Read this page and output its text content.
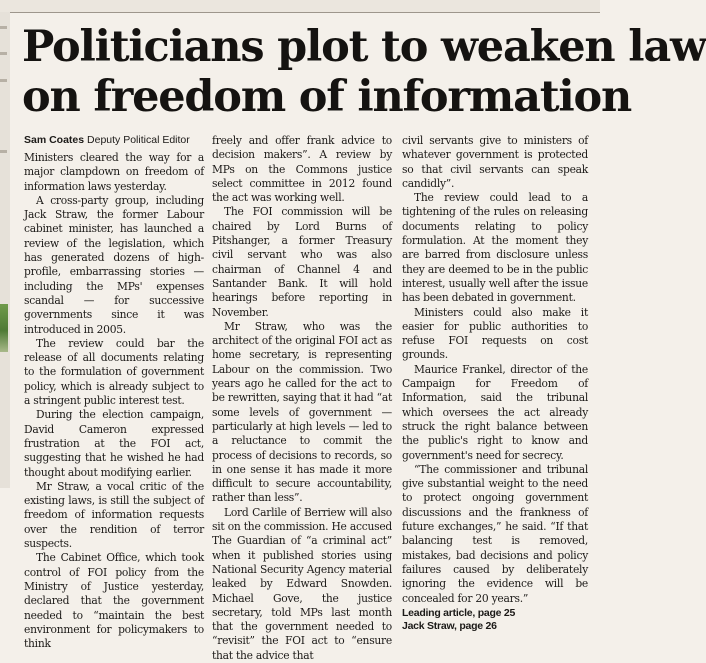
Politicians plot to weaken law
on freedom of information
Sam Coates Deputy Political Editor

Ministers cleared the way for a major clampdown on freedom of information laws yesterday.

A cross-party group, including Jack Straw, the former Labour cabinet minister, has launched a review of the legislation, which has generated dozens of high-profile, embarrassing stories — including the MPs' expenses scandal — for successive governments since it was introduced in 2005.

The review could bar the release of all documents relating to the formulation of government policy, which is already subject to a stringent public interest test.

During the election campaign, David Cameron expressed frustration at the FOI act, suggesting that he wished he had thought about modifying earlier.

Mr Straw, a vocal critic of the existing laws, is still the subject of freedom of information requests over the rendition of terror suspects.

The Cabinet Office, which took control of FOI policy from the Ministry of Justice yesterday, declared that the government needed to “maintain the best environment for policymakers to think

freely and offer frank advice to decision makers”. A review by MPs on the Commons justice select committee in 2012 found the act was working well.

The FOI commission will be chaired by Lord Burns of Pitshanger, a former Treasury civil servant who was also chairman of Channel 4 and Santander Bank. It will hold hearings before reporting in November.

Mr Straw, who was the architect of the original FOI act as home secretary, is representing Labour on the commission. Two years ago he called for the act to be rewritten, saying that it had “at some levels of government — particularly at high levels — led to a reluctance to commit the process of decisions to records, so in one sense it has made it more difficult to secure accountability, rather than less”.

Lord Carlile of Berriew will also sit on the commission. He accused The Guardian of “a criminal act” when it published stories using National Security Agency material leaked by Edward Snowden. Michael Gove, the justice secretary, told MPs last month that the government needed to “revisit” the FOI act to “ensure that the advice that

civil servants give to ministers of whatever government is protected so that civil servants can speak candidly”.

The review could lead to a tightening of the rules on releasing documents relating to policy formulation. At the moment they are barred from disclosure unless they are deemed to be in the public interest, usually well after the issue has been debated in government.

Ministers could also make it easier for public authorities to refuse FOI requests on cost grounds.

Maurice Frankel, director of the Campaign for Freedom of Information, said the tribunal which oversees the act already struck the right balance between the public's right to know and government's need for secrecy.

“The commissioner and tribunal give substantial weight to the need to protect ongoing government discussions and the frankness of future exchanges,” he said. “If that balancing test is removed, mistakes, bad decisions and policy failures caused by deliberately ignoring the evidence will be concealed for 20 years.”

Leading article, page 25
Jack Straw, page 26
